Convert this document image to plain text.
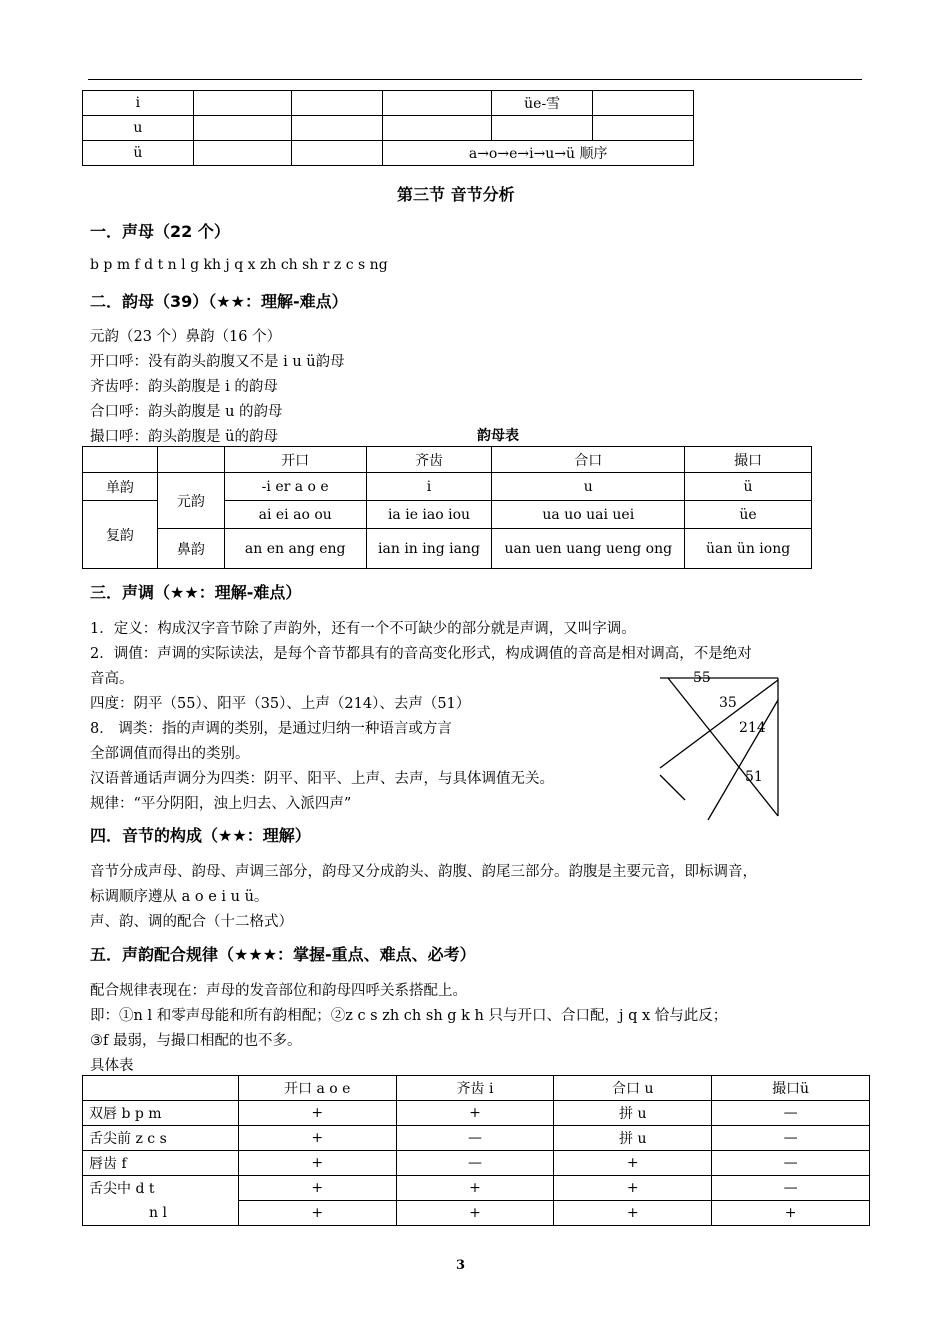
i				üe-雪	
u					
ü			a→o→e→i→u→ü 顺序		
第三节 音节分析
一．声母（22 个）
b p m f d t n l g kh j q x zh ch sh r z c s ng
二．韵母（39）（★★：理解-难点）
元韵（23 个）鼻韵（16 个）
开口呼：没有韵头韵腹又不是 i u ü韵母
齐齿呼：韵头韵腹是 i 的韵母
合口呼：韵头韵腹是 u 的韵母
撮口呼：韵头韵腹是 ü的韵母	韵母表
		开口	齐齿	合口	撮口
单韵	元韵	-i er a o e	i	u	ü
复韵		ai ei ao ou	ia ie iao iou	ua uo uai uei	üe
	鼻韵	an en ang eng	ian in ing iang	uan uen uang ueng ong	üan ün iong
三．声调（★★：理解-难点）
1．定义：构成汉字音节除了声韵外，还有一个不可缺少的部分就是声调，又叫字调。
2．调值：声调的实际读法，是每个音节都具有的音高变化形式，构成调值的音高是相对调高，不是绝对
音高。
四度：阴平（55）、阳平（35）、上声（214）、去声（51）
8． 调类：指的声调的类别，是通过归纳一种语言或方言
全部调值而得出的类别。
汉语普通话声调分为四类：阴平、阳平、上声、去声，与具体调值无关。
规律：“平分阴阳，浊上归去、入派四声”
55
35
214
51
四．音节的构成（★★：理解）
音节分成声母、韵母、声调三部分，韵母又分成韵头、韵腹、韵尾三部分。韵腹是主要元音，即标调音，
标调顺序遵从 a o e i u ü。
声、韵、调的配合（十二格式）
五．声韵配合规律（★★★：掌握-重点、难点、必考）
配合规律表现在：声母的发音部位和韵母四呼关系搭配上。
即：①n l 和零声母能和所有韵相配；②z c s zh ch sh g k h 只与开口、合口配，j q x 恰与此反；
③f 最弱，与撮口相配的也不多。
具体表
	开口 a o e	齐齿 i	合口 u	撮口ü
双唇 b p m	+	+	拼 u	—
舌尖前 z c s	+	—	拼 u	—
唇齿 f	+	—	+	—
舌尖中 d t	+	+	+	—
n l	+	+	+	+
3
